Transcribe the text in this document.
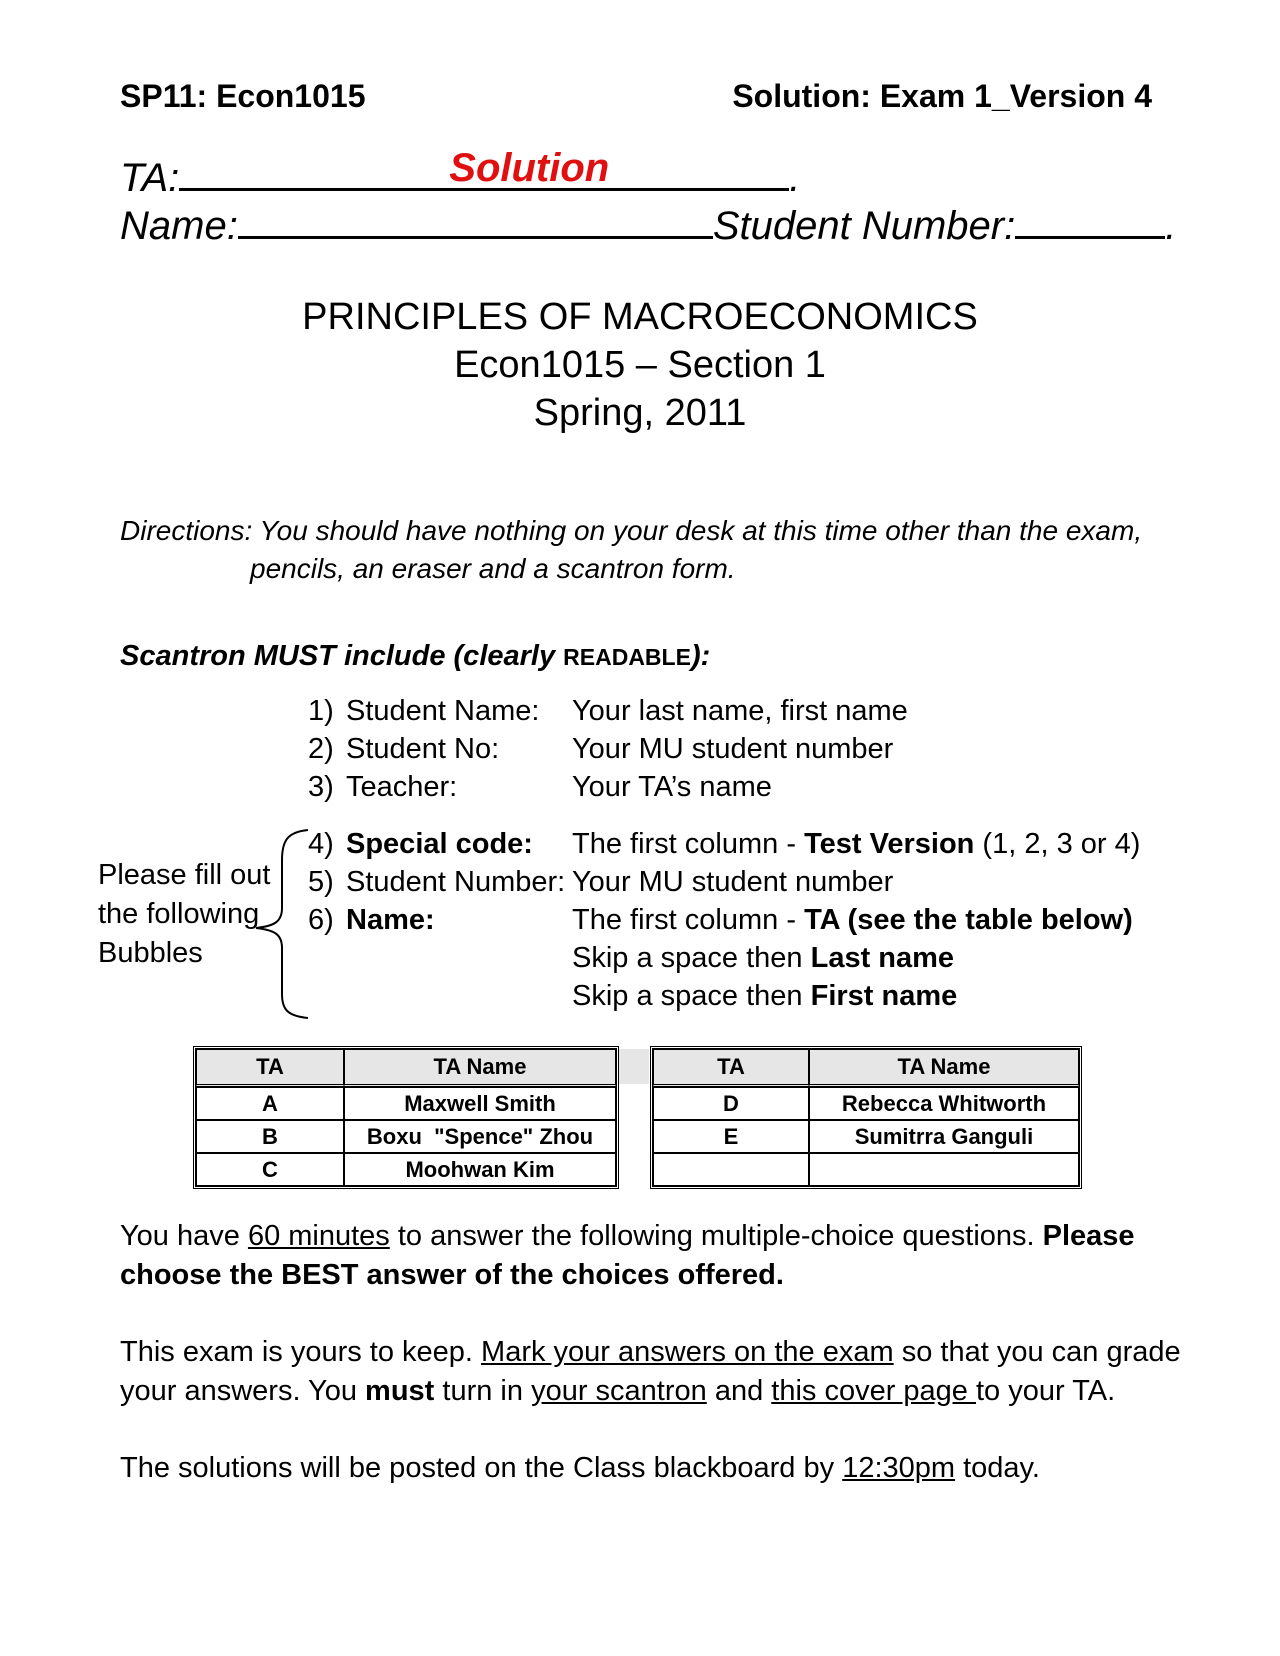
SP11: Econ1015	Solution: Exam 1_Version 4
TA:	Solution	.
Name:	Student Number:	.
PRINCIPLES OF MACROECONOMICS
Econ1015 – Section 1
Spring, 2011
Directions: You should have nothing on your desk at this time other than the exam,
pencils, an eraser and a scantron form.
Scantron MUST include (clearly READABLE):
1) Student Name: Your last name, first name
2) Student No:	Your MU student number
3) Teacher:	Your TA’s name
4) Special code: The first column - Test Version (1, 2, 3 or 4)
5) Student Number: Your MU student number
6) Name:	The first column - TA (see the table below)
Skip a space then Last name
Skip a space then First name
Please fill out the following Bubbles
TA	TA Name
A	Maxwell Smith
B	Boxu  "Spence" Zhou
C	Moohwan Kim
TA	TA Name
D	Rebecca Whitworth
E	Sumitrra Ganguli

You have 60 minutes to answer the following multiple-choice questions. Please choose the BEST answer of the choices offered.
This exam is yours to keep. Mark your answers on the exam so that you can grade your answers. You must turn in your scantron and this cover page to your TA.
The solutions will be posted on the Class blackboard by 12:30pm today.
